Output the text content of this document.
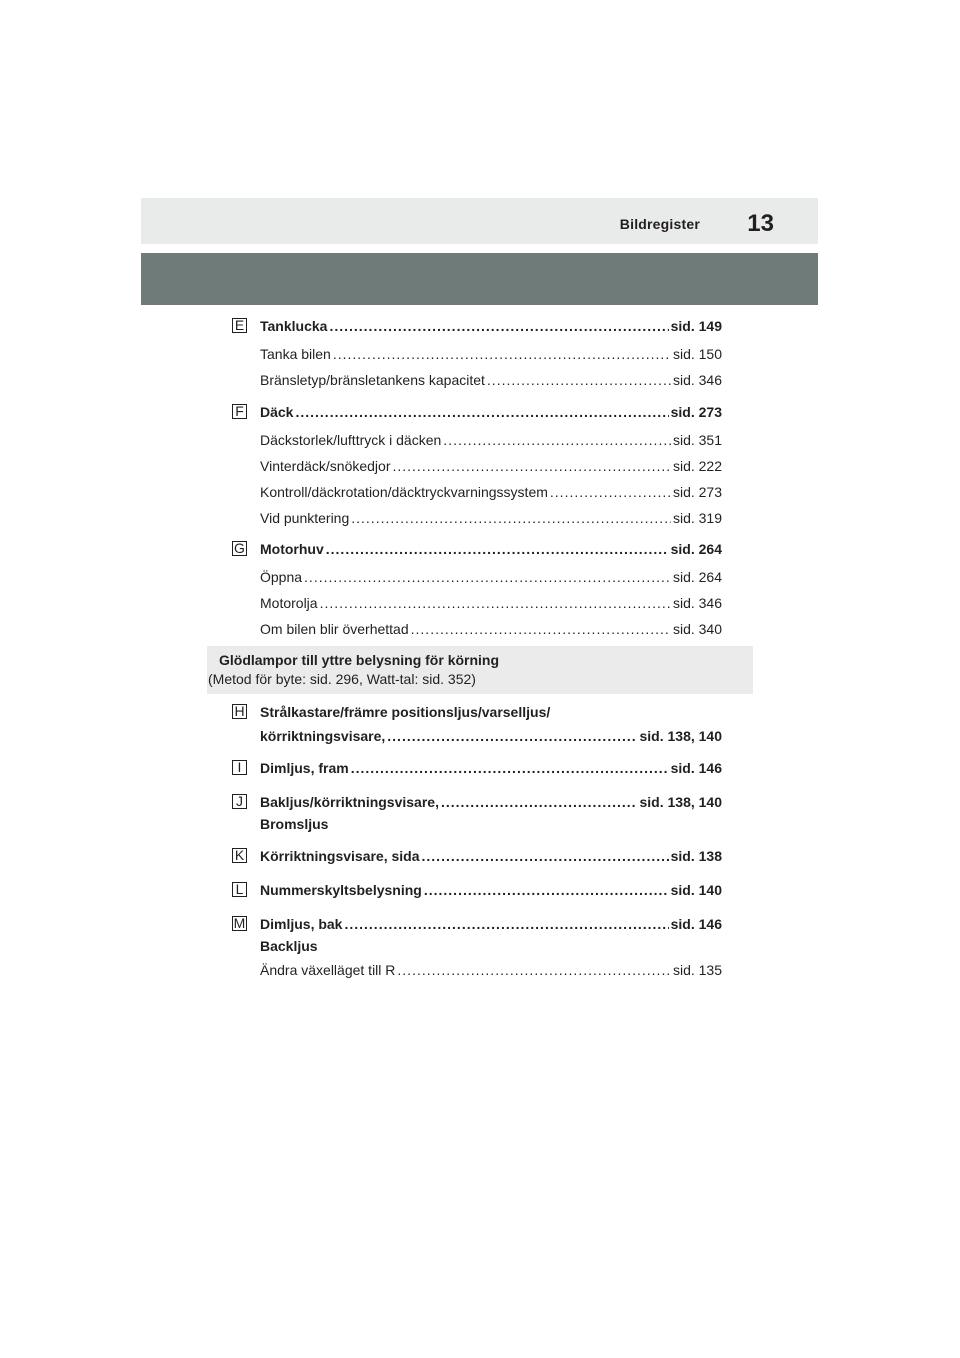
Bildregister 13
E Tanklucka .....	sid. 149
Tanka bilen .....	sid. 150
Bränsletyp/bränsletankens kapacitet .....	sid. 346
F Däck .....	sid. 273
Däckstorlek/lufttryck i däcken .....	sid. 351
Vinterdäck/snökedjor .....	sid. 222
Kontroll/däckrotation/däcktryckvarningssystem .....	sid. 273
Vid punktering .....	sid. 319
G Motorhuv .....	sid. 264
Öppna .....	sid. 264
Motorolja .....	sid. 346
Om bilen blir överhettad .....	sid. 340
Glödlampor till yttre belysning för körning
(Metod för byte: sid. 296, Watt-tal: sid. 352)
H Strålkastare/främre positionsljus/varselljus/
körriktningsvisare, .....	sid. 138, 140
I	Dimljus, fram .....	sid. 146
J Bakljus/körriktningsvisare, .....	sid. 138, 140
Bromsljus
K Körriktningsvisare, sida .....	sid. 138
L Nummerskyltsbelysning .....	sid. 140
M Dimljus, bak .....	sid. 146
Backljus
Ändra växelläget till R .....	sid. 135
